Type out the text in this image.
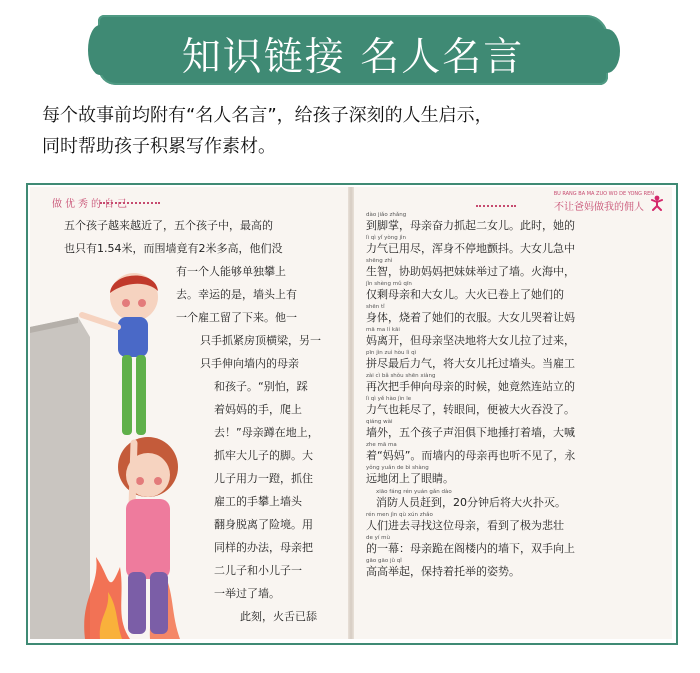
知识链接 名人名言

每个故事前均附有“名人名言”，给孩子深刻的人生启示，

同时帮助孩子积累写作素材。

做优秀的自己
五个孩子越来越近了，五个孩子中，最高的
也只有1.54米，而围墙竟有2米多高，他们没
有一个人能够单独攀上
去。幸运的是，墙头上有
一个雇工留了下来。他一
只手抓紧房顶横梁，另一
只手伸向墙内的母亲
和孩子。“别怕，踩
着妈妈的手，爬上
去！”母亲蹲在地上，
抓牢大儿子的脚。大
儿子用力一蹬，抓住
雇工的手攀上墙头
翻身脱离了险境。用
同样的办法，母亲把
二儿子和小儿子一
一举过了墙。
此刻，火舌已舔
BU RANG BA MA ZUO WO DE YONG REN
不让爸妈做我的佣人
到脚掌，母亲奋力抓起二女儿。此时，她的
力气已用尽，浑身不停地颤抖。大女儿急中
生智，协助妈妈把妹妹举过了墙。火海中，
仅剩母亲和大女儿。大火已卷上了她们的
身体，烧着了她们的衣服。大女儿哭着让妈
妈离开，但母亲坚决地将大女儿拉了过来，
拼尽最后力气，将大女儿托过墙头。当雇工
再次把手伸向母亲的时候，她竟然连站立的
力气也耗尽了，转眼间，便被大火吞没了。
墙外，五个孩子声泪俱下地捶打着墙，大喊
着“妈妈”。而墙内的母亲再也听不见了，永
远地闭上了眼睛。
消防人员赶到，20分钟后将大火扑灭。
人们进去寻找这位母亲，看到了极为悲壮
的一幕：母亲跪在阁楼内的墙下，双手向上
高高举起，保持着托举的姿势。
dào jiǎo zhǎng
lì qì yǐ yòng jìn
shēng zhì
jǐn shèng mǔ qīn
shēn tǐ
mā ma lí kāi
pīn jìn zuì hòu lì qì
zài cì bǎ shǒu shēn xiàng
lì qì yě hào jìn le
qiáng wài
zhe mā ma
yǒng yuǎn de bì shàng
xiāo fáng rén yuán gǎn dào
rén men jìn qù xún zhǎo
de yí mù
gāo gāo jǔ qǐ
